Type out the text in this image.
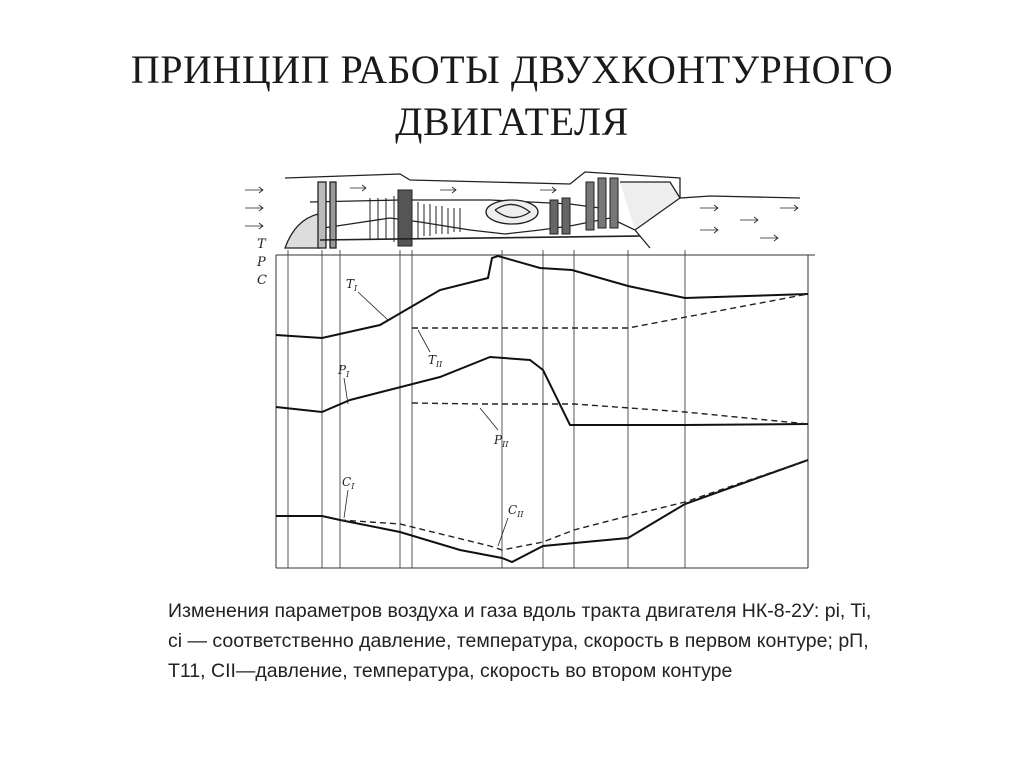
ПРИНЦИП РАБОТЫ ДВУХКОНТУРНОГО
ДВИГАТЕЛЯ
T
P
C	$T_I$
$T_{II}$
$P_I$
$P_{II}$
$C_I$
$C_{II}$
Изменения параметров воздуха и газа вдоль тракта двигателя НК-8-2У: pi, Ti, ci — соответственно давление, температура, скорость в первом контуре; рП, Т11, СII—давление, температура, скорость во втором контуре
